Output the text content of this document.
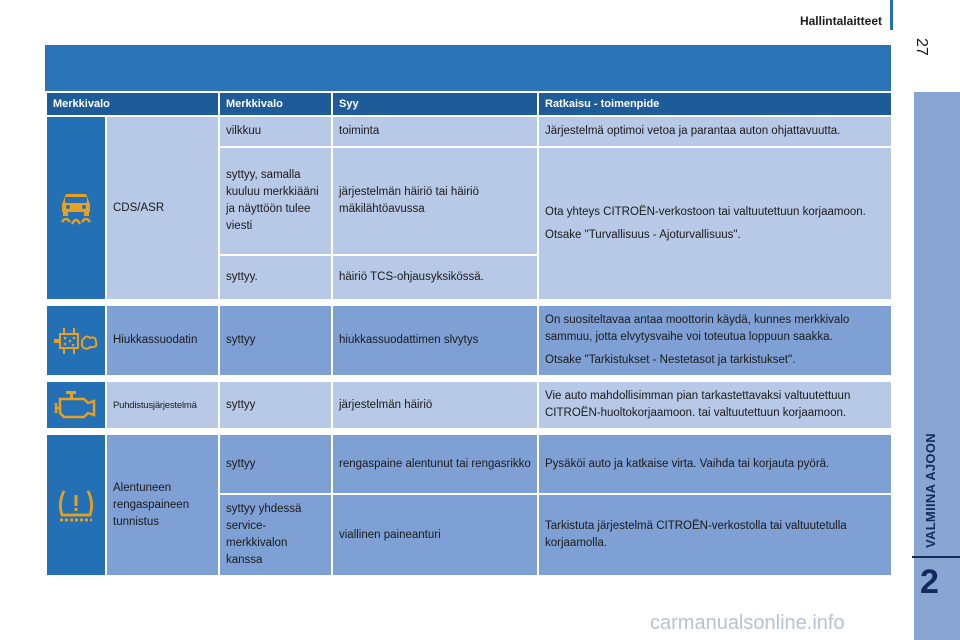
Hallintalaitteet
27
VALMIINA AJOON
2
Merkkivalo		Merkkivalo	Syy	Ratkaisu - toimenpide

	CDS/ASR	vilkkuu	toiminta	Järjestelmä optimoi vetoa ja parantaa auton ohjattavuutta.
		syttyy, samalla kuuluu merkkiääni ja näyttöön tulee viesti	järjestelmän häiriö tai häiriö mäkilähtöavussa	Ota yhteys CITROËN-verkostoon tai valtuutettuun korjaamoon.

Otsake "Turvallisuus - Ajoturvallisuus".

		syttyy.	häiriö TCS-ohjausyksikössä.	

	Hiukkassuodatin	syttyy	hiukkassuodattimen slvytys	On suositeltavaa antaa moottorin käydä, kunnes merkkivalo sammuu, jotta elvytysvaihe voi toteutua loppuun saakka.

Otsake "Tarkistukset - Nestetasot ja tarkistukset".

	Puhdistusjärjestelmä	syttyy	järjestelmän häiriö	Vie auto mahdollisimman pian tarkastettavaksi valtuutettuun CITROËN-huoltokorjaamoon. tai valtuutettuun korjaamoon.

	Alentuneen rengaspaineen tunnistus	syttyy	rengaspaine alentunut tai rengasrikko	Pysäköi auto ja katkaise virta. Vaihda tai korjauta pyörä.
		syttyy yhdessä service-merkkivalon kanssa	viallinen paineanturi	Tarkistuta järjestelmä CITROËN-verkostolla tai valtuutetulla korjaamolla.
carmanualsonline.info
